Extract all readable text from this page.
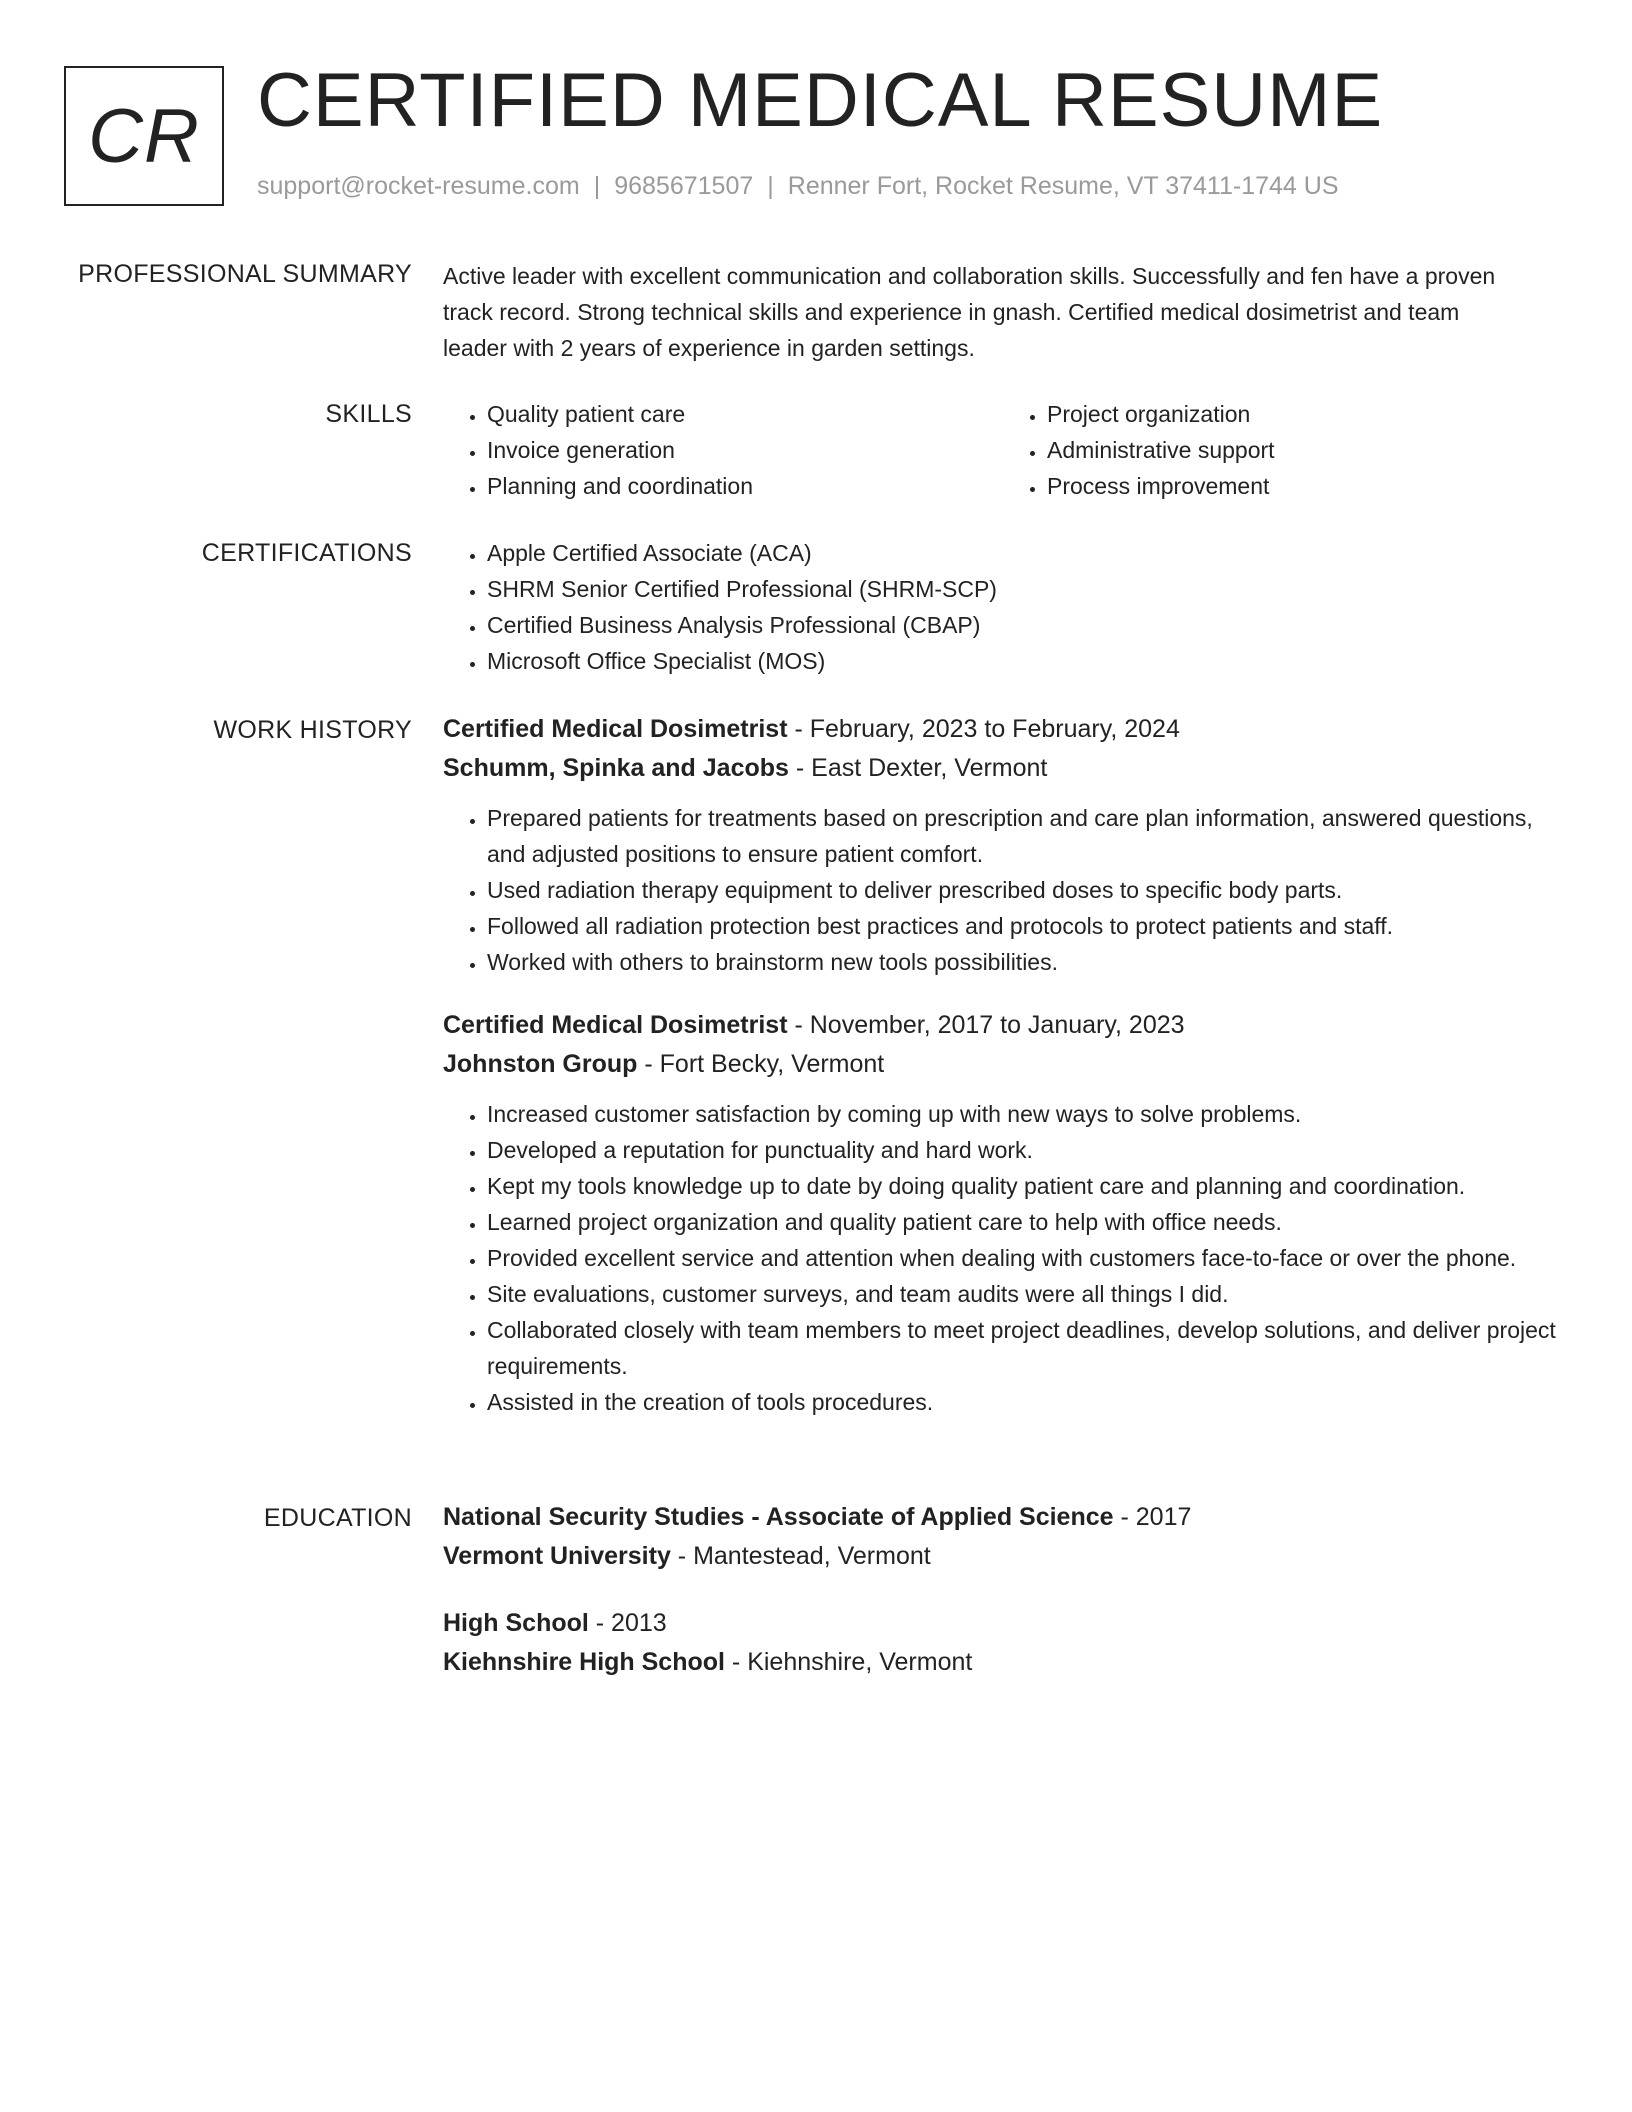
CR CERTIFIED MEDICAL RESUME
support@rocket-resume.com | 9685671507 | Renner Fort, Rocket Resume, VT 37411-1744 US
PROFESSIONAL SUMMARY Active leader with excellent communication and collaboration skills. Successfully and fen have a proven track record. Strong technical skills and experience in gnash. Certified medical dosimetrist and team leader with 2 years of experience in garden settings.

SKILLS	• Quality patient care
• Invoice generation
• Planning and coordination
• Project organization
• Administrative support
• Process improvement
CERTIFICATIONS	• Apple Certified Associate (ACA)
• SHRM Senior Certified Professional (SHRM-SCP)
• Certified Business Analysis Professional (CBAP)
• Microsoft Office Specialist (MOS)
WORK HISTORY Certified Medical Dosimetrist - February, 2023 to February, 2024
Schumm, Spinka and Jacobs - East Dexter, Vermont
• Prepared patients for treatments based on prescription and care plan information, answered questions, and adjusted positions to ensure patient comfort.
• Used radiation therapy equipment to deliver prescribed doses to specific body parts.
• Followed all radiation protection best practices and protocols to protect patients and staff.
• Worked with others to brainstorm new tools possibilities.
Certified Medical Dosimetrist - November, 2017 to January, 2023
Johnston Group - Fort Becky, Vermont
• Increased customer satisfaction by coming up with new ways to solve problems.
• Developed a reputation for punctuality and hard work.
• Kept my tools knowledge up to date by doing quality patient care and planning and coordination.
• Learned project organization and quality patient care to help with office needs.
• Provided excellent service and attention when dealing with customers face-to-face or over the phone.
• Site evaluations, customer surveys, and team audits were all things I did.
• Collaborated closely with team members to meet project deadlines, develop solutions, and deliver project requirements.
• Assisted in the creation of tools procedures.
EDUCATION National Security Studies - Associate of Applied Science - 2017
Vermont University - Mantestead, Vermont
High School - 2013
Kiehnshire High School - Kiehnshire, Vermont
